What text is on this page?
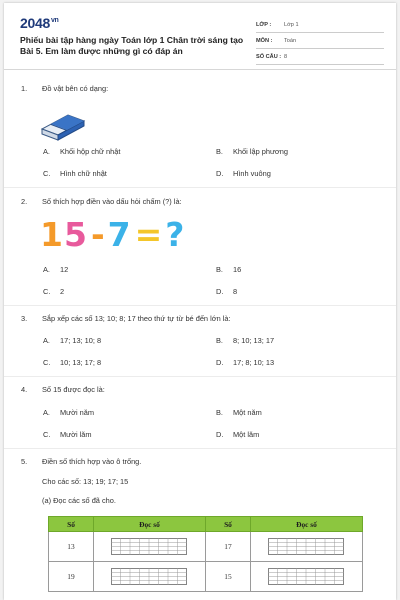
$2048^{vn}$
Phiếu bài tập hàng ngày Toán lớp 1 Chân trời sáng tạo Bài 5. Em làm được những gì có đáp án
LỚP :	Lớp 1
MÔN :	Toán
SỐ CÂU : 8
1.	Đồ vật bên có dạng:
A.	Khối hộp chữ nhật	B.	Khối lập phương
C.	Hình chữ nhật	D.	Hình vuông
2.	Số thích hợp điền vào dấu hỏi chấm (?) là:
1 5 - 7 = ?
A.	12	B.	16
C.	2	D.	8
3.	Sắp xếp các số 13; 10; 8; 17 theo thứ tự từ bé đến lớn là:
A.	17; 13; 10; 8	B.	8; 10; 13; 17
C.	10; 13; 17; 8	D.	17; 8; 10; 13
4.	Số 15 được đọc là:
A.	Mười năm	B.	Một năm
C.	Mười lăm	D.	Một lăm
5.	Điền số thích hợp vào ô trống.
Cho các số: 13; 19; 17; 15
(a) Đọc các số đã cho.
Số	Đọc số	Số	Đọc số
13		17	
19		15	
